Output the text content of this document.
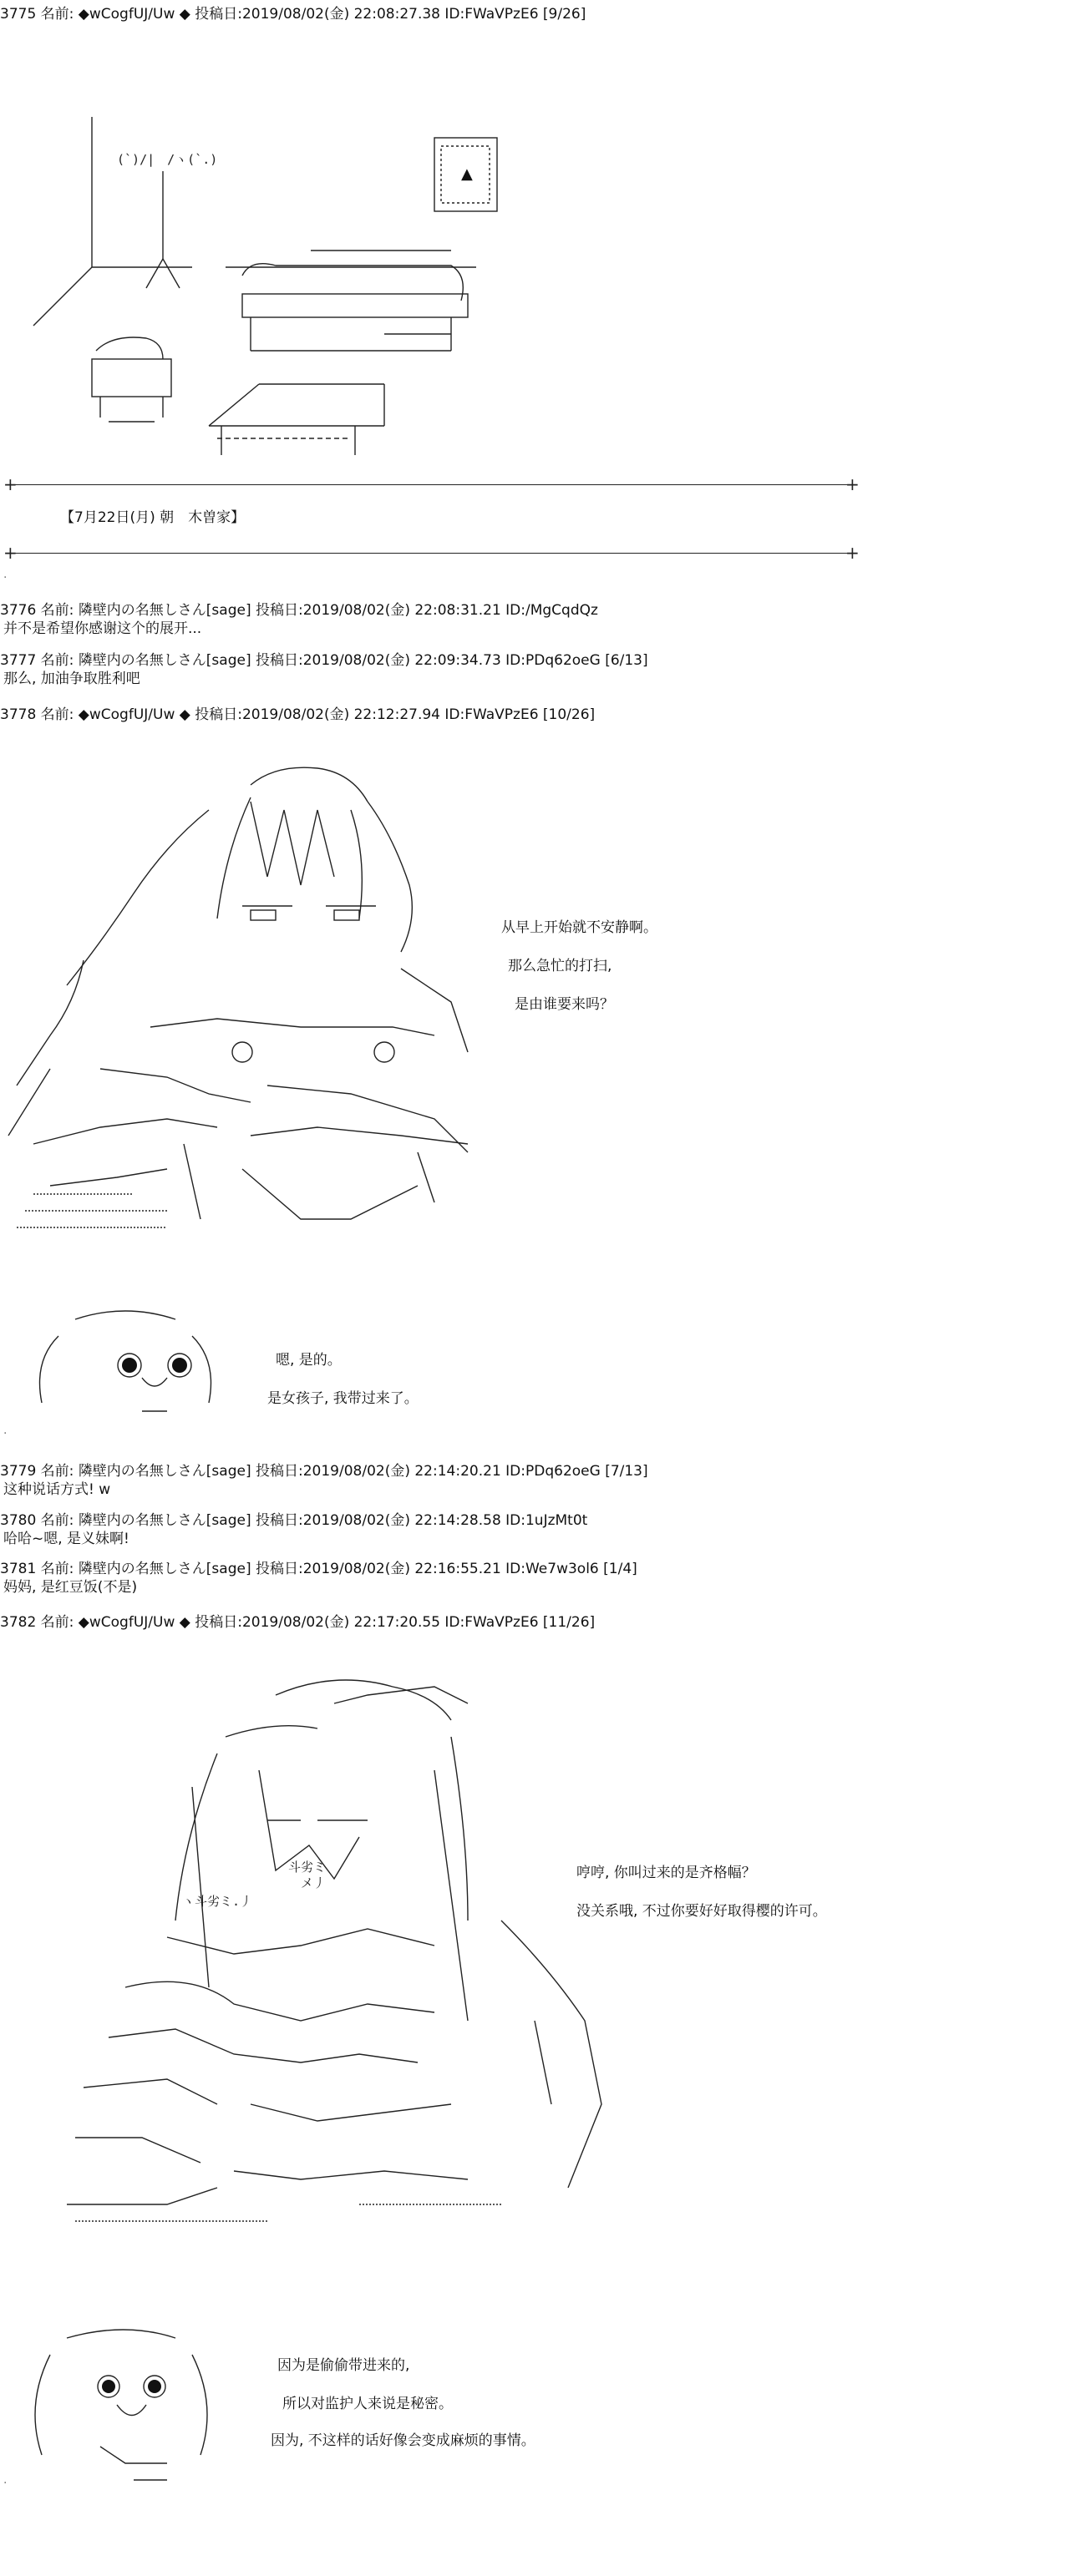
3775 名前: ◆wCogfUJ/Uw ◆ 投稿日:2019/08/02(金) 22:08:27.38 ID:FWaVPzE6 [9/26]
(`)/|　/ヽ(`.)
▲
+	+
【7月22日(月) 朝　木曽家】
+	+
.
3776 名前: 隣壁内の名無しさん[sage] 投稿日:2019/08/02(金) 22:08:31.21 ID:/MgCqdQz
并不是希望你感谢这个的展开...
3777 名前: 隣壁内の名無しさん[sage] 投稿日:2019/08/02(金) 22:09:34.73 ID:PDq62oeG [6/13]
那么, 加油争取胜利吧
3778 名前: ◆wCogfUJ/Uw ◆ 投稿日:2019/08/02(金) 22:12:27.94 ID:FWaVPzE6 [10/26]
从早上开始就不安静啊。
那么急忙的打扫,
是由谁要来吗？
嗯, 是的。
是女孩子, 我带过来了。
.
3779 名前: 隣壁内の名無しさん[sage] 投稿日:2019/08/02(金) 22:14:20.21 ID:PDq62oeG [7/13]
这种说话方式! w
3780 名前: 隣壁内の名無しさん[sage] 投稿日:2019/08/02(金) 22:14:28.58 ID:1uJzMt0t
哈哈~嗯, 是义妹啊!
3781 名前: 隣壁内の名無しさん[sage] 投稿日:2019/08/02(金) 22:16:55.21 ID:We7w3ol6 [1/4]
妈妈, 是红豆饭(不是)
3782 名前: ◆wCogfUJ/Uw ◆ 投稿日:2019/08/02(金) 22:17:20.55 ID:FWaVPzE6 [11/26]
斗劣ミ
ヽ斗劣ミ.丿
メ丿
哼哼, 你叫过来的是齐格幅？
没关系哦, 不过你要好好取得樱的许可。
因为是偷偷带进来的,
所以对监护人来说是秘密。
因为, 不这样的话好像会变成麻烦的事情。
.
